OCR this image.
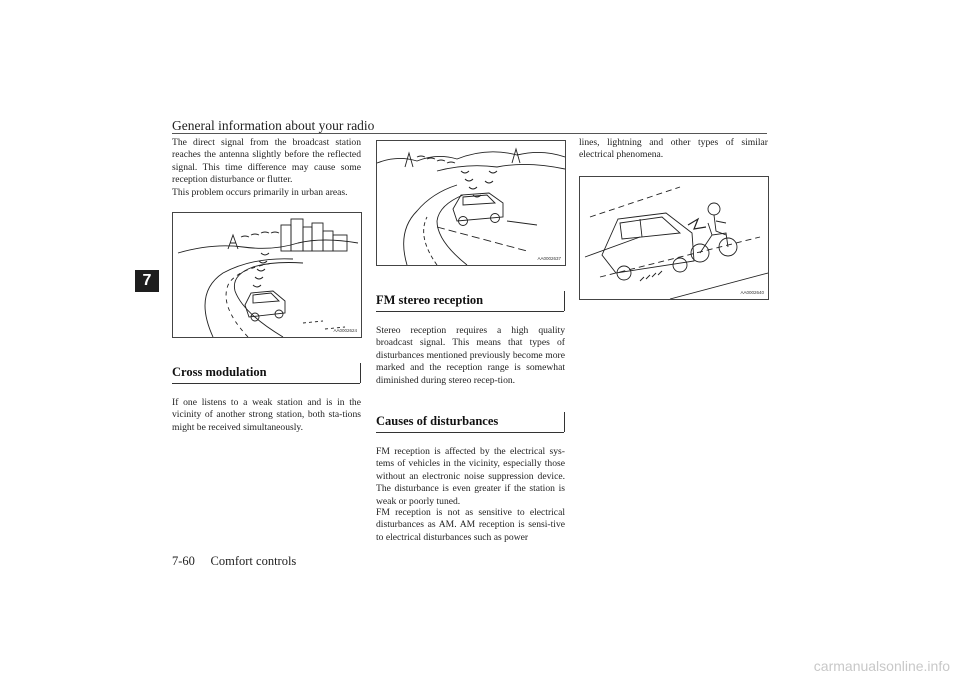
General information about your radio
7
The direct signal from the broadcast station reaches the antenna slightly before the reflected signal. This time difference may cause some reception disturbance or flutter.
This problem occurs primarily in urban areas.
AA0002624
Cross modulation
If one listens to a weak station and is in the vicinity of another strong station, both sta-tions might be received simultaneously.
AA0002637
FM stereo reception
Stereo reception requires a high quality broadcast signal. This means that types of disturbances mentioned previously become more marked and the reception range is somewhat diminished during stereo recep-tion.
Causes of disturbances
FM reception is affected by the electrical sys-tems of vehicles in the vicinity, especially those without an electronic noise suppression device. The disturbance is even greater if the station is weak or poorly tuned.
FM reception is not as sensitive to electrical disturbances as AM. AM reception is sensi-tive to electrical disturbances such as power
lines, lightning and other types of similar electrical phenomena.
AA0002640
7-60 Comfort controls
carmanualsonline.info
